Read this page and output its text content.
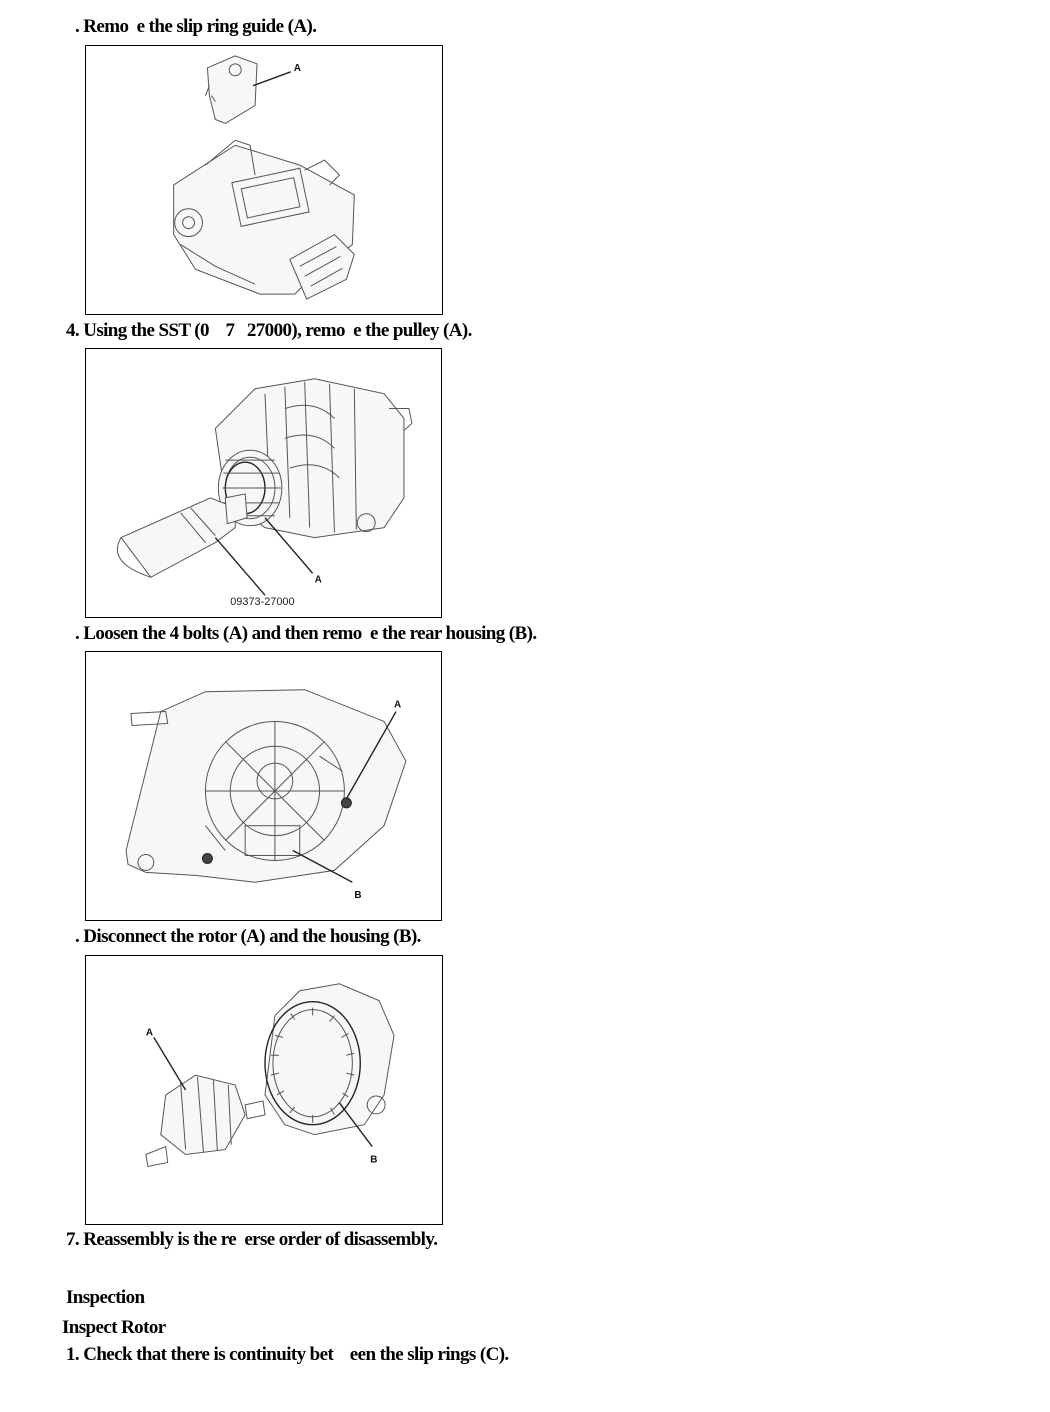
. Remo  e the slip ring guide (A).
A
4. Using the SST (0    7   27000), remo  e the pulley (A).
A
09373-27000
. Loosen the 4 bolts (A) and then remo  e the rear housing (B).
A
B
. Disconnect the rotor (A) and the housing (B).
A
B
7. Reassembly is the re  erse order of disassembly.
Inspection
Inspect Rotor
1. Check that there is continuity bet    een the slip rings (C).
